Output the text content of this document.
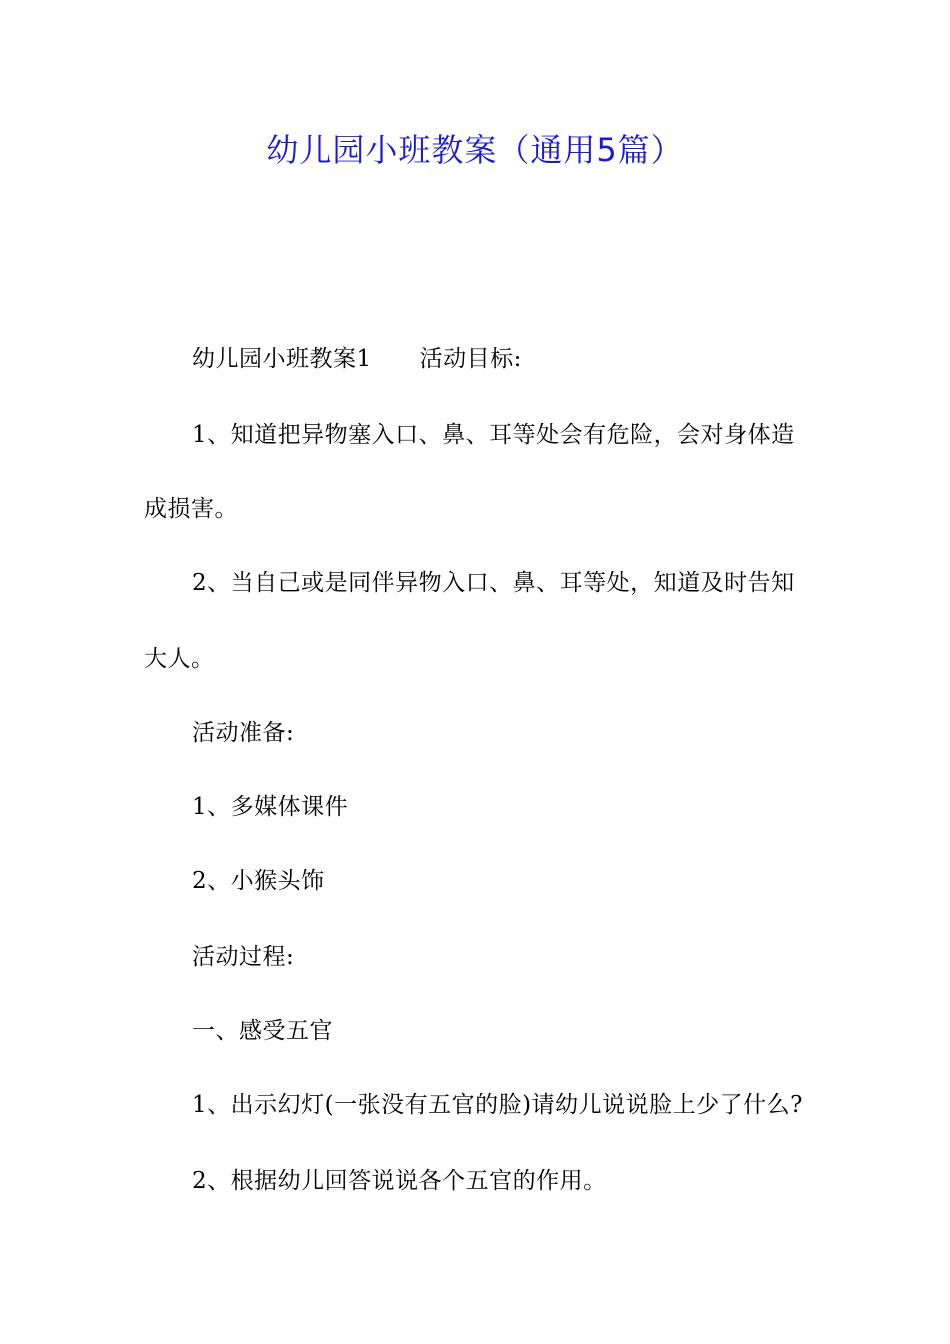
幼儿园小班教案（通用5篇）
幼儿园小班教案1 活动目标:
1、知道把异物塞入口、鼻、耳等处会有危险，会对身体造
成损害。
2、当自己或是同伴异物入口、鼻、耳等处，知道及时告知
大人。
活动准备:
1、多媒体课件
2、小猴头饰
活动过程:
一、感受五官
1、出示幻灯(一张没有五官的脸)请幼儿说说脸上少了什么?
2、根据幼儿回答说说各个五官的作用。
